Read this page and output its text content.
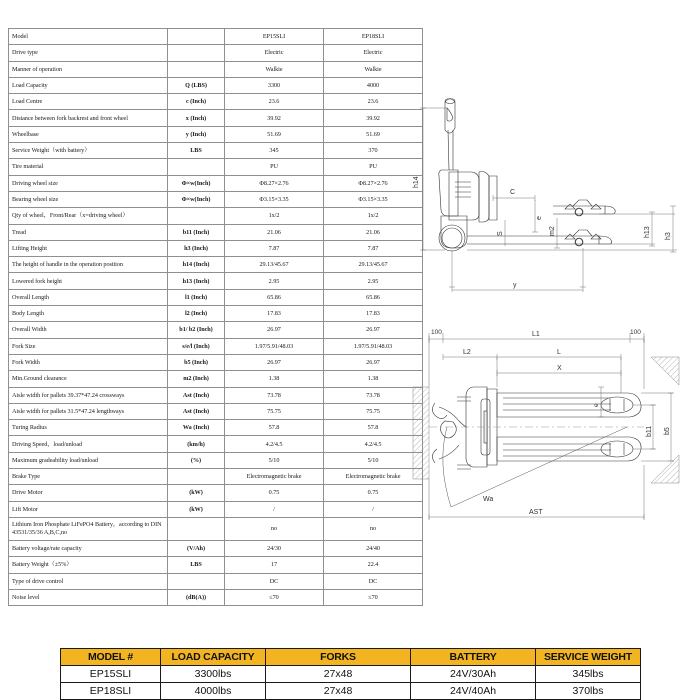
Model		EP15SLI	EP18SLI
Drive type		Electric	Electric
Manner of operation		Walkie	Walkie
Load Capacity	Q (LBS)	3300	4000
Load Centre	c (Inch)	23.6	23.6
Distance between fork backrest and front wheel	x (Inch)	39.92	39.92
Wheelbase	y (Inch)	51.69	51.69
Service Weight（with battery）	LBS	345	370
Tire material		PU	PU
Driving wheel size	Φ×w(Inch)	Φ8.27×2.76	Φ8.27×2.76
Bearing wheel size	Φ×w(Inch)	Φ3.15×3.35	Φ3.15×3.35
Qty of wheel，Front/Rear（x=driving wheel）		1x/2	1x/2
Tread	b11 (Inch)	21.06	21.06
Lifting Height	h3 (Inch)	7.87	7.87
The height of handle in the operation position	h14 (Inch)	29.13/45.67	29.13/45.67
Lowered fork height	h13 (Inch)	2.95	2.95
Overall Length	l1 (Inch)	65.86	65.86
Body Length	l2 (Inch)	17.83	17.83
Overall Width	b1/ b2 (Inch)	26.97	26.97
Fork Size	s/e/l (Inch)	1.97/5.91/48.03	1.97/5.91/48.03
Fork Width	b5 (Inch)	26.97	26.97
Min.Ground clearance	m2 (Inch)	1.38	1.38
Aisle width for pallets 39.37*47.24 crossways	Ast (Inch)	73.78	73.78
Aisle width for pallets 31.5*47.24 lengthways	Ast (Inch)	75.75	75.75
Turing Radius	Wa (Inch)	57.8	57.8
Driving Speed，load/unload	(km/h)	4.2/4.5	4.2/4.5
Maximum gradeability load/unload	(%)	5/10	5/10
Brake Type		Electromagnetic brake	Electromagnetic brake
Drive Motor	(kW)	0.75	0.75
Lift Motor	(kW)	/	/
Lithium Iron Phosphate LiFePO4 Battery，according to DIN 43531/35/36 A,B,C,no		no	no
Battery voltage/rate capacity	(V/Ah)	24/30	24/40
Battery Weight（±5%）	LBS	17	22.4
Type of drive control		DC	DC
Noise level	(dB(A))	≤70	≤70
h14
C
e
S	m2	h13 h3
y
100	100
L1
L2	L
X
e
b11 b5
Wa
AST
MODEL #	LOAD CAPACITY	FORKS	BATTERY	SERVICE WEIGHT
EP15SLI	3300lbs	27x48	24V/30Ah	345lbs
EP18SLI	4000lbs	27x48	24V/40Ah	370lbs
